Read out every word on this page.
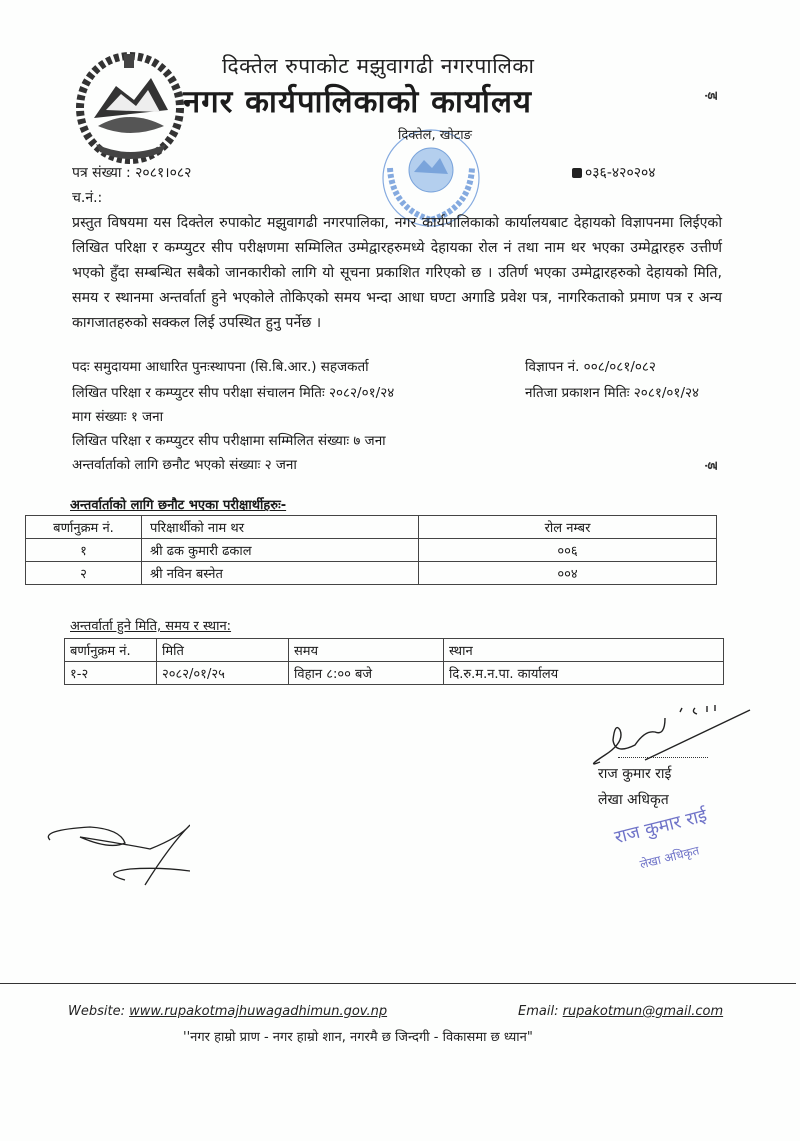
दिक्तेल रुपाकोट मझुवागढी नगरपालिका
नगर कार्यपालिकाको कार्यालय	ड़
दिक्तेल, खोटाङ
पत्र संख्या : २०८१।०८२	०३६-४२०२०४
च.नं.:
प्रस्तुत विषयमा यस दिक्तेल रुपाकोट मझुवागढी नगरपालिका, नगर कार्यपालिकाको कार्यालयबाट देहायको विज्ञापनमा लिईएको लिखित परिक्षा र कम्प्युटर सीप परीक्षणमा सम्मिलित उम्मेद्वारहरुमध्ये देहायका रोल नं तथा नाम थर भएका उम्मेद्वारहरु उत्तीर्ण भएको हुँदा सम्बन्धित सबैको जानकारीको लागि यो सूचना प्रकाशित गरिएको छ । उतिर्ण भएका उम्मेद्वारहरुको देहायको मिति, समय र स्थानमा अन्तर्वार्ता हुने भएकोले तोकिएको समय भन्दा आधा घण्टा अगाडि प्रवेश पत्र, नागरिकताको प्रमाण पत्र र अन्य कागजातहरुको सक्कल लिई उपस्थित हुनु पर्नेछ ।
पदः समुदायमा आधारित पुनःस्थापना (सि.बि.आर.) सहजकर्ता	विज्ञापन नं. ००८/०८१/०८२
लिखित परिक्षा र कम्प्युटर सीप परीक्षा संचालन मितिः २०८२/०१/२४	नतिजा प्रकाशन मितिः २०८१/०१/२४
माग संख्याः १ जना
लिखित परिक्षा र कम्प्युटर सीप परीक्षामा सम्मिलित संख्याः ७ जना
अन्तर्वार्ताको लागि छनौट भएको संख्याः २ जना	ड़
अन्तर्वार्ताको लागि छनौट भएका परीक्षार्थीहरुः-
बर्णानुक्रम नं.	परिक्षार्थीको नाम थर	रोल नम्बर
१	श्री ढक कुमारी ढकाल	००६
२	श्री नविन बस्नेत	००४
अन्तर्वार्ता हुने मिति, समय र स्थान:
बर्णानुक्रम नं.	मिति	समय	स्थान
१-२	२०८२/०१/२५	विहान ८:०० बजे	दि.रु.म.न.पा. कार्यालय
राज कुमार राई
लेखा अधिकृत
राज कुमार राई
लेखा अधिकृत
Website: www.rupakotmajhuwagadhimun.gov.np	Email: rupakotmun@gmail.com
''नगर हाम्रो प्राण - नगर हाम्रो शान, नगरमै छ जिन्दगी - विकासमा छ ध्यान"
